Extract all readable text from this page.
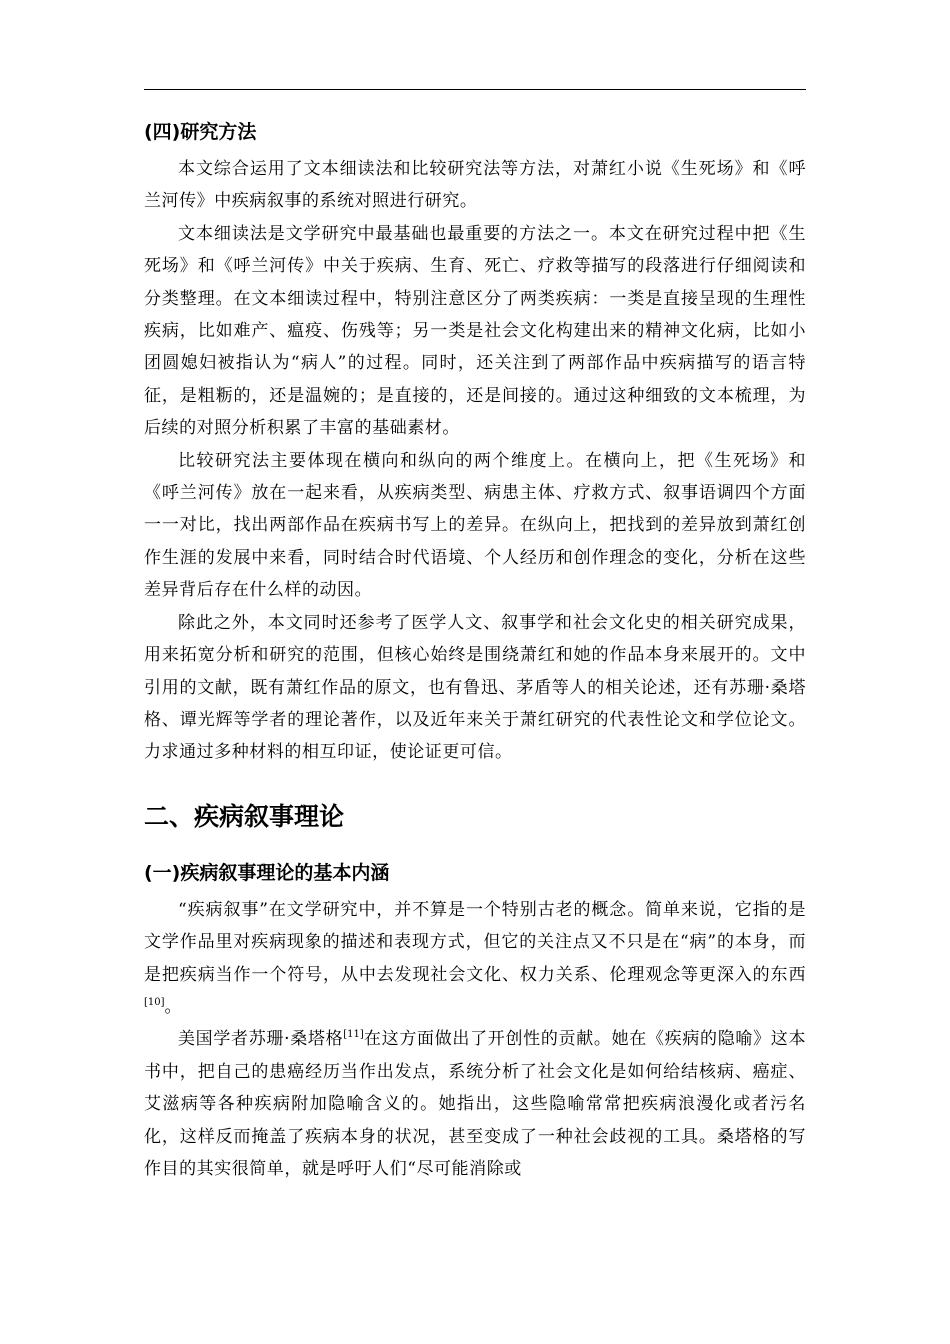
(四)研究方法

本文综合运用了文本细读法和比较研究法等方法，对萧红小说《生死场》和《呼兰河传》中疾病叙事的系统对照进行研究。

文本细读法是文学研究中最基础也最重要的方法之一。本文在研究过程中把《生死场》和《呼兰河传》中关于疾病、生育、死亡、疗救等描写的段落进行仔细阅读和分类整理。在文本细读过程中，特别注意区分了两类疾病：一类是直接呈现的生理性疾病，比如难产、瘟疫、伤残等；另一类是社会文化构建出来的精神文化病，比如小团圆媳妇被指认为“病人”的过程。同时，还关注到了两部作品中疾病描写的语言特征，是粗粝的，还是温婉的；是直接的，还是间接的。通过这种细致的文本梳理，为后续的对照分析积累了丰富的基础素材。

比较研究法主要体现在横向和纵向的两个维度上。在横向上，把《生死场》和《呼兰河传》放在一起来看，从疾病类型、病患主体、疗救方式、叙事语调四个方面一一对比，找出两部作品在疾病书写上的差异。在纵向上，把找到的差异放到萧红创作生涯的发展中来看，同时结合时代语境、个人经历和创作理念的变化，分析在这些差异背后存在什么样的动因。

除此之外，本文同时还参考了医学人文、叙事学和社会文化史的相关研究成果，用来拓宽分析和研究的范围，但核心始终是围绕萧红和她的作品本身来展开的。文中引用的文献，既有萧红作品的原文，也有鲁迅、茅盾等人的相关论述，还有苏珊·桑塔格、谭光辉等学者的理论著作，以及近年来关于萧红研究的代表性论文和学位论文。力求通过多种材料的相互印证，使论证更可信。

二、疾病叙事理论
(一)疾病叙事理论的基本内涵

“疾病叙事”在文学研究中，并不算是一个特别古老的概念。简单来说，它指的是文学作品里对疾病现象的描述和表现方式，但它的关注点又不只是在“病”的本身，而是把疾病当作一个符号，从中去发现社会文化、权力关系、伦理观念等更深入的东西[10]。

美国学者苏珊·桑塔格[11]在这方面做出了开创性的贡献。她在《疾病的隐喻》这本书中，把自己的患癌经历当作出发点，系统分析了社会文化是如何给结核病、癌症、艾滋病等各种疾病附加隐喻含义的。她指出，这些隐喻常常把疾病浪漫化或者污名化，这样反而掩盖了疾病本身的状况，甚至变成了一种社会歧视的工具。桑塔格的写作目的其实很简单，就是呼吁人们“尽可能消除或
